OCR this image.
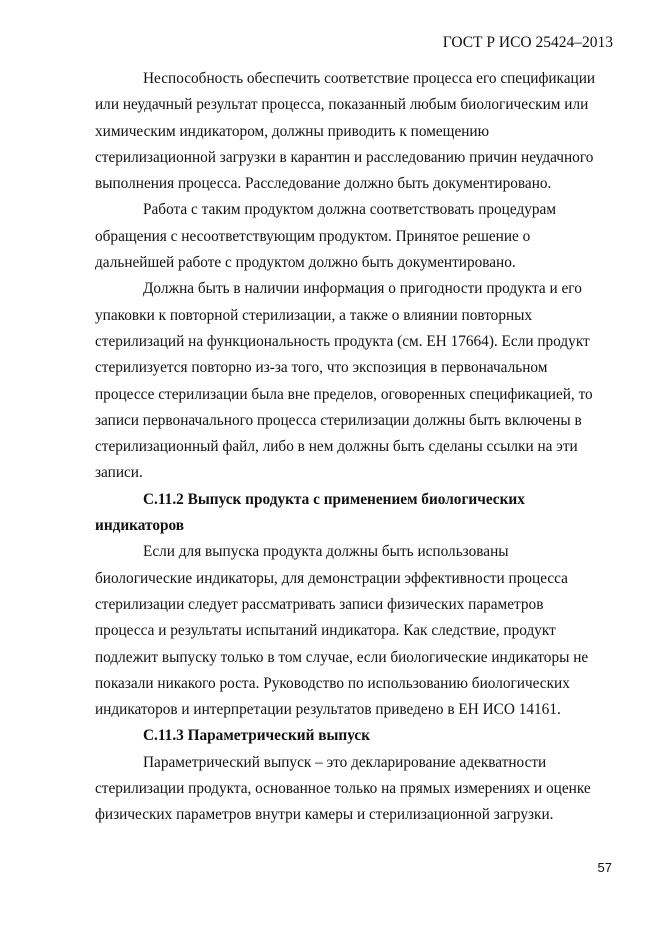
ГОСТ Р ИСО 25424–2013
Неспособность обеспечить соответствие процесса его спецификации
или неудачный результат процесса, показанный любым биологическим или
химическим индикатором, должны приводить к помещению
стерилизационной загрузки в карантин и расследованию причин неудачного
выполнения процесса. Расследование должно быть документировано.
Работа с таким продуктом должна соответствовать процедурам
обращения с несоответствующим продуктом. Принятое решение о
дальнейшей работе с продуктом должно быть документировано.
Должна быть в наличии информация о пригодности продукта и его
упаковки к повторной стерилизации, а также о влиянии повторных
стерилизаций на функциональность продукта (см. ЕН 17664). Если продукт
стерилизуется повторно из-за того, что экспозиция в первоначальном
процессе стерилизации была вне пределов, оговоренных спецификацией, то
записи первоначального процесса стерилизации должны быть включены в
стерилизационный файл, либо в нем должны быть сделаны ссылки на эти
записи.
С.11.2 Выпуск продукта с применением биологических
индикаторов
Если для выпуска продукта должны быть использованы
биологические индикаторы, для демонстрации эффективности процесса
стерилизации следует рассматривать записи физических параметров
процесса и результаты испытаний индикатора. Как следствие, продукт
подлежит выпуску только в том случае, если биологические индикаторы не
показали никакого роста. Руководство по использованию биологических
индикаторов и интерпретации результатов приведено в ЕН ИСО 14161.
С.11.3 Параметрический выпуск
Параметрический выпуск – это декларирование адекватности
стерилизации продукта, основанное только на прямых измерениях и оценке
физических параметров внутри камеры и стерилизационной загрузки.
57
